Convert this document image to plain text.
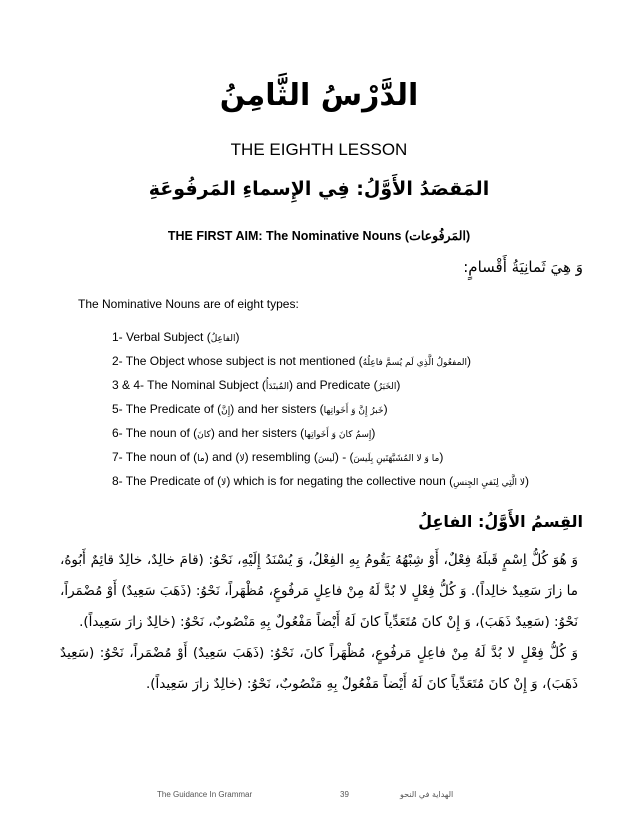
الدَّرْسُ الثَّامِنُ
THE EIGHTH LESSON
المَقصَدُ الأَوَّلُ: فِي الإِسماءِ المَرفُوعَةِ
THE FIRST AIM: The Nominative Nouns (المَرفُوعات)
وَ هِيَ ثَمانِيَةُ أَقْسامٍ:
The Nominative Nouns are of eight types:
1- Verbal Subject (الفاعِلُ)
2- The Object whose subject is not mentioned (المفعُولُ الَّذِي لَم يُسمَّ فاعِلُهُ)
3 & 4- The Nominal Subject (المُبتَدَأُ) and Predicate (الخَبَرُ)
5- The Predicate of (إِنَّ) and her sisters (خَبرُ إِنَّ وَ أَخَواتِها)
6- The noun of (كانَ) and her sisters (إِسمُ كانَ وَ أَخَواتِها)
7- The noun of (ما) and (لا) resembling (لَيسَ) - (ما وَ لا المُشَبَّهَتَينِ بِلَيسَ)
8- The Predicate of (لا) which is for negating the collective noun (لا الَّتِي لِنَفيِ الجِنسِ)
القِسمُ الأَوَّلُ: الفاعِلُ

وَ هُوَ كُلُّ اِسْمٍ قَبلَهُ فِعْلٌ، أَوْ شِبْهُهُ يَقُومُ بِهِ الفِعْلُ، وَ يُسْنَدُ إِلَيْهِ، نَحْوُ: (قامَ خالِدٌ، خالِدٌ قائِمٌ أَبُوهُ، ما زارَ سَعِيدٌ خالِداً). وَ كُلُّ فِعْلٍ لا بُدَّ لَهُ مِنْ فاعِلٍ مَرفُوعٍ، مُظْهَراً، نَحْوُ: (ذَهَبَ سَعِيدٌ) أَوْ مُضْمَراً، نَحْوُ: (سَعِيدٌ ذَهَبَ)، وَ إِنْ كانَ مُتَعَدِّياً كانَ لَهُ أَيْضاً مَفْعُولٌ بِهِ مَنْصُوبٌ، نَحْوُ: (خالِدٌ زارَ سَعِيداً).

وَ كُلُّ فِعْلٍ لا بُدَّ لَهُ مِنْ فاعِلٍ مَرفُوعٍ، مُظْهَراً كانَ، نَحْوُ: (ذَهَبَ سَعِيدٌ) أَوْ مُضْمَراً، نَحْوُ: (سَعِيدٌ ذَهَبَ)، وَ إِنْ كانَ مُتَعَدِّياً كانَ لَهُ أَيْضاً مَفْعُولٌ بِهِ مَنْصُوبٌ، نَحْوُ: (خالِدٌ زارَ سَعِيداً).

The Guidance In Grammar	39	الهداية في النحو
